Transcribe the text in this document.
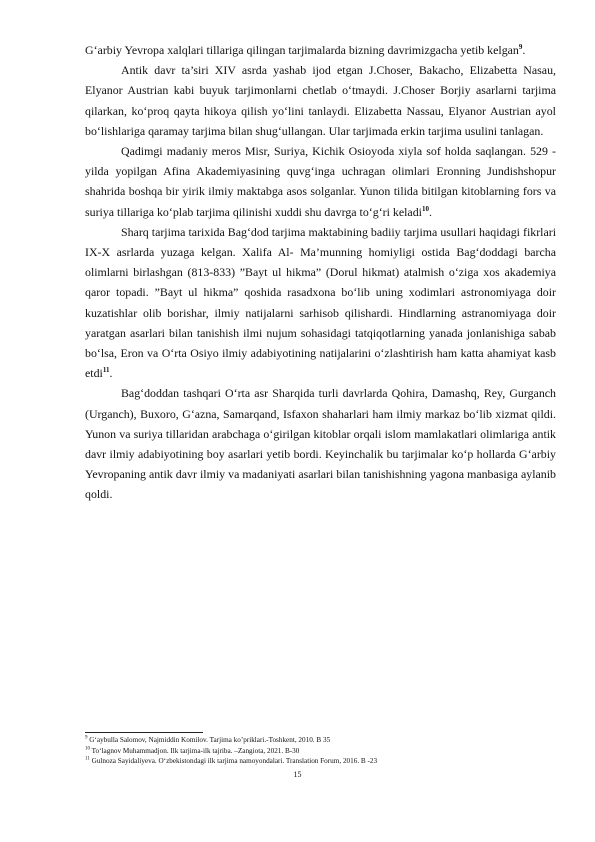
G‘arbiy Yevropa xalqlari tillariga qilingan tarjimalarda bizning davrimizgacha yetib kelgan$^9$.

Antik davr ta’siri XIV asrda yashab ijod etgan J.Choser, Bakacho, Elizabetta Nasau, Elyanor Austrian kabi buyuk tarjimonlarni chetlab o‘tmaydi. J.Choser Borjiy asarlarni tarjima qilarkan, ko‘proq qayta hikoya qilish yo‘lini tanlaydi. Elizabetta Nassau, Elyanor Austrian ayol bo‘lishlariga qaramay tarjima bilan shug‘ullangan. Ular tarjimada erkin tarjima usulini tanlagan.

Qadimgi madaniy meros Misr, Suriya, Kichik Osioyoda xiyla sof holda saqlangan. 529 - yilda yopilgan Afina Akademiyasining quvg‘inga uchragan olimlari Eronning Jundishshopur shahrida boshqa bir yirik ilmiy maktabga asos solganlar. Yunon tilida bitilgan kitoblarning fors va suriya tillariga ko‘plab tarjima qilinishi xuddi shu davrga to‘g‘ri keladi$^{10}$.

Sharq tarjima tarixida Bag‘dod tarjima maktabining badiiy tarjima usullari haqidagi fikrlari IX-X asrlarda yuzaga kelgan. Xalifa Al- Ma’munning homiyligi ostida Bag‘doddagi barcha olimlarni birlashgan (813-833) ”Bayt ul hikma” (Dorul hikmat) atalmish o‘ziga xos akademiya qaror topadi. ”Bayt ul hikma” qoshida rasadxona bo‘lib uning xodimlari astronomiyaga doir kuzatishlar olib borishar, ilmiy natijalarni sarhisob qilishardi. Hindlarning astranomiyaga doir yaratgan asarlari bilan tanishish ilmi nujum sohasidagi tatqiqotlarning yanada jonlanishiga sabab bo‘lsa, Eron va O‘rta Osiyo ilmiy adabiyotining natijalarini o‘zlashtirish ham katta ahamiyat kasb etdi$^{11}$.

Bag‘doddan tashqari O‘rta asr Sharqida turli davrlarda Qohira, Damashq, Rey, Gurganch (Urganch), Buxoro, G‘azna, Samarqand, Isfaxon shaharlari ham ilmiy markaz bo‘lib xizmat qildi. Yunon va suriya tillaridan arabchaga o‘girilgan kitoblar orqali islom mamlakatlari olimlariga antik davr ilmiy adabiyotining boy asarlari yetib bordi. Keyinchalik bu tarjimalar ko‘p hollarda G‘arbiy Yevropaning antik davr ilmiy va madaniyati asarlari bilan tanishishning yagona manbasiga aylanib qoldi.

$^9$ G‘aybulla Salomov, Najmiddin Komilov. Tarjima ko’priklari.-Toshkent, 2010. B 35
$^{10}$ To‘lagnov Muhammadjon. Ilk tarjima-ilk tajriba. –Zangiota, 2021. B-30
$^{11}$ Gulnoza Sayidaliyeva. O‘zbekistondagi ilk tarjima namoyondalari. Translation Forum, 2016. B -23
15
